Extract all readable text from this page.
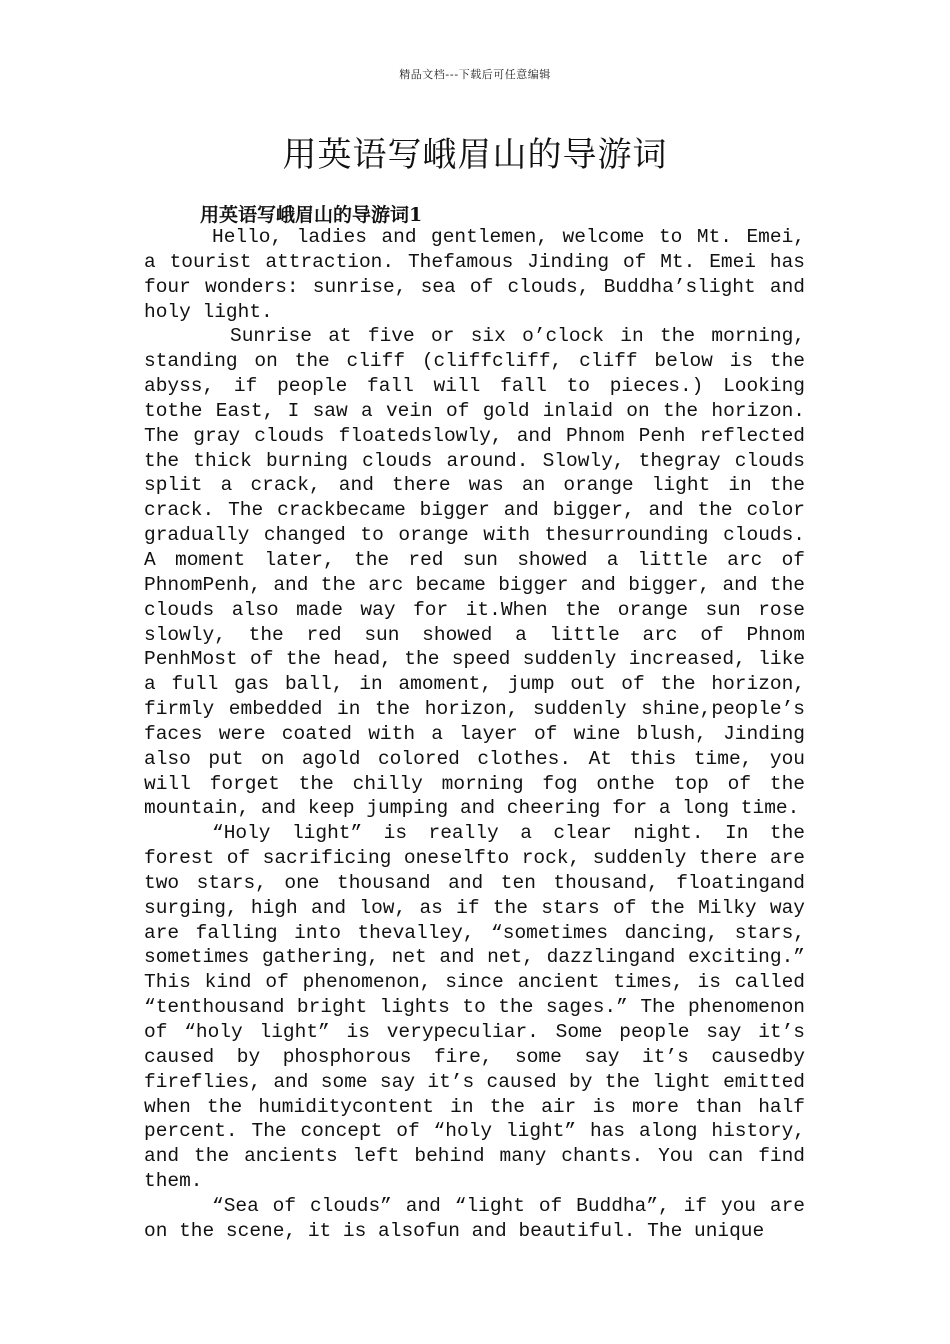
精品文档---下载后可任意编辑
用英语写峨眉山的导游词
用英语写峨眉山的导游词1

Hello, ladies and gentlemen, welcome to Mt. Emei, a tourist attraction. Thefamous Jinding of Mt. Emei has four wonders: sunrise, sea of clouds, Buddha’slight and holy light.

Sunrise at five or six o’clock in the morning, standing on the cliff (cliffcliff, cliff below is the abyss, if people fall will fall to pieces.) Looking tothe East, I saw a vein of gold inlaid on the horizon. The gray clouds floatedslowly, and Phnom Penh reflected the thick burning clouds around. Slowly, thegray clouds split a crack, and there was an orange light in the crack. The crackbecame bigger and bigger, and the color gradually changed to orange with thesurrounding clouds. A moment later, the red sun showed a little arc of PhnomPenh, and the arc became bigger and bigger, and the clouds also made way for it.When the orange sun rose slowly, the red sun showed a little arc of Phnom PenhMost of the head, the speed suddenly increased, like a full gas ball, in amoment, jump out of the horizon, firmly embedded in the horizon, suddenly shine,people’s faces were coated with a layer of wine blush, Jinding also put on agold colored clothes. At this time, you will forget the chilly morning fog onthe top of the mountain, and keep jumping and cheering for a long time.

“Holy light” is really a clear night. In the forest of sacrificing oneselfto rock, suddenly there are two stars, one thousand and ten thousand, floatingand surging, high and low, as if the stars of the Milky way are falling into thevalley, “sometimes dancing, stars, sometimes gathering, net and net, dazzlingand exciting.” This kind of phenomenon, since ancient times, is called “tenthousand bright lights to the sages.” The phenomenon of “holy light” is verypeculiar. Some people say it’s caused by phosphorous fire, some say it’s causedby fireflies, and some say it’s caused by the light emitted when the humiditycontent in the air is more than half percent. The concept of “holy light” has along history, and the ancients left behind many chants. You can find them.

“Sea of clouds” and “light of Buddha”, if you are on the scene, it is alsofun and beautiful. The unique
